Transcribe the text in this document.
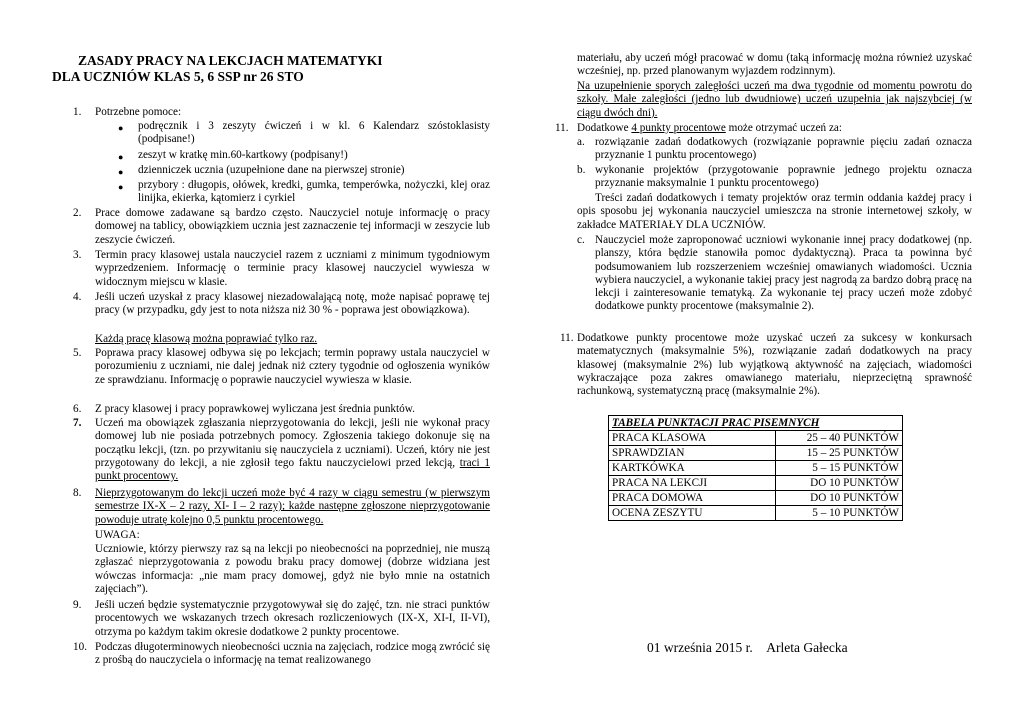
ZASADY PRACY NA LEKCJACH MATEMATYKI
DLA UCZNIÓW KLAS 5, 6 SSP nr 26 STO
1. Potrzebne pomoce:
● podręcznik i 3 zeszyty ćwiczeń i w kl. 6 Kalendarz szóstoklasisty (podpisane!)
● zeszyt w kratkę min.60-kartkowy (podpisany!)
● dzienniczek ucznia (uzupełnione dane na pierwszej stronie)
● przybory : długopis, ołówek, kredki, gumka, temperówka, nożyczki, klej oraz linijka, ekierka, kątomierz i cyrkiel
2. Prace domowe zadawane są bardzo często. Nauczyciel notuje informację o pracy domowej na tablicy, obowiązkiem ucznia jest zaznaczenie tej informacji w zeszycie lub zeszycie ćwiczeń.
3. Termin pracy klasowej ustala nauczyciel razem z uczniami z minimum tygodniowym wyprzedzeniem. Informację o terminie pracy klasowej nauczyciel wywiesza w widocznym miejscu w klasie.
4. Jeśli uczeń uzyskał z pracy klasowej niezadowalającą notę, może napisać poprawę tej pracy (w przypadku, gdy jest to nota niższa niż 30 % - poprawa jest obowiązkowa).
Każdą pracę klasową można poprawiać tylko raz.
5. Poprawa pracy klasowej odbywa się po lekcjach; termin poprawy ustala nauczyciel w porozumieniu z uczniami, nie dalej jednak niż cztery tygodnie od ogłoszenia wyników ze sprawdzianu. Informację o poprawie nauczyciel wywiesza w klasie.
6. Z pracy klasowej i pracy poprawkowej wyliczana jest średnia punktów.
7. Uczeń ma obowiązek zgłaszania nieprzygotowania do lekcji, jeśli nie wykonał pracy domowej lub nie posiada potrzebnych pomocy. Zgłoszenia takiego dokonuje się na początku lekcji, (tzn. po przywitaniu się nauczyciela z uczniami). Uczeń, który nie jest przygotowany do lekcji, a nie zgłosił tego faktu nauczycielowi przed lekcją, traci 1 punkt procentowy.
8. Nieprzygotowanym do lekcji uczeń może być 4 razy w ciągu semestru (w pierwszym semestrze IX-X – 2 razy, XI- I – 2 razy); każde następne zgłoszone nieprzygotowanie powoduje utratę kolejno 0,5 punktu procentowego.
UWAGA:
Uczniowie, którzy pierwszy raz są na lekcji po nieobecności na poprzedniej, nie muszą zgłaszać nieprzygotowania z powodu braku pracy domowej (dobrze widziana jest wówczas informacja: „nie mam pracy domowej, gdyż nie było mnie na ostatnich zajęciach”).
9. Jeśli uczeń będzie systematycznie przygotowywał się do zajęć, tzn. nie straci punktów procentowych we wskazanych trzech okresach rozliczeniowych (IX-X, XI-I, II-VI), otrzyma po każdym takim okresie dodatkowe 2 punkty procentowe.
10. Podczas długoterminowych nieobecności ucznia na zajęciach, rodzice mogą zwrócić się z prośbą do nauczyciela o informację na temat realizowanego
materiału, aby uczeń mógł pracować w domu (taką informację można również uzyskać wcześniej, np. przed planowanym wyjazdem rodzinnym).
Na uzupełnienie sporych zaległości uczeń ma dwa tygodnie od momentu powrotu do szkoły. Małe zaległości (jedno lub dwudniowe) uczeń uzupełnia jak najszybciej (w ciągu dwóch dni).
11. Dodatkowe 4 punkty procentowe może otrzymać uczeń za:
a. rozwiązanie zadań dodatkowych (rozwiązanie poprawnie pięciu zadań oznacza przyznanie 1 punktu procentowego)
b. wykonanie projektów (przygotowanie poprawnie jednego projektu oznacza przyznanie maksymalnie 1 punktu procentowego)
Treści zadań dodatkowych i tematy projektów oraz termin oddania każdej pracy i opis sposobu jej wykonania nauczyciel umieszcza na stronie internetowej szkoły, w zakładce MATERIAŁY DLA UCZNIÓW.
c. Nauczyciel może zaproponować uczniowi wykonanie innej pracy dodatkowej (np. planszy, która będzie stanowiła pomoc dydaktyczną). Praca ta powinna być podsumowaniem lub rozszerzeniem wcześniej omawianych wiadomości. Ucznia wybiera nauczyciel, a wykonanie takiej pracy jest nagrodą za bardzo dobrą pracę na lekcji i zainteresowanie tematyką. Za wykonanie tej pracy uczeń może zdobyć dodatkowe punkty procentowe (maksymalnie 2).
11. Dodatkowe punkty procentowe może uzyskać uczeń za sukcesy w konkursach matematycznych (maksymalnie 5%), rozwiązanie zadań dodatkowych na pracy klasowej (maksymalnie 2%) lub wyjątkową aktywność na zajęciach, wiadomości wykraczające poza zakres omawianego materiału, nieprzeciętną sprawność rachunkową, systematyczną pracę (maksymalnie 2%).
TABELA PUNKTACJI PRAC PISEMNYCH	
PRACA KLASOWA	25 – 40 PUNKTÓW
SPRAWDZIAN	15 – 25 PUNKTÓW
KARTKÓWKA	5 – 15 PUNKTÓW
PRACA NA LEKCJI	DO 10 PUNKTÓW
PRACA DOMOWA	DO 10 PUNKTÓW
OCENA ZESZYTU	5 – 10 PUNKTÓW
01 września 2015 r. Arleta Gałecka
